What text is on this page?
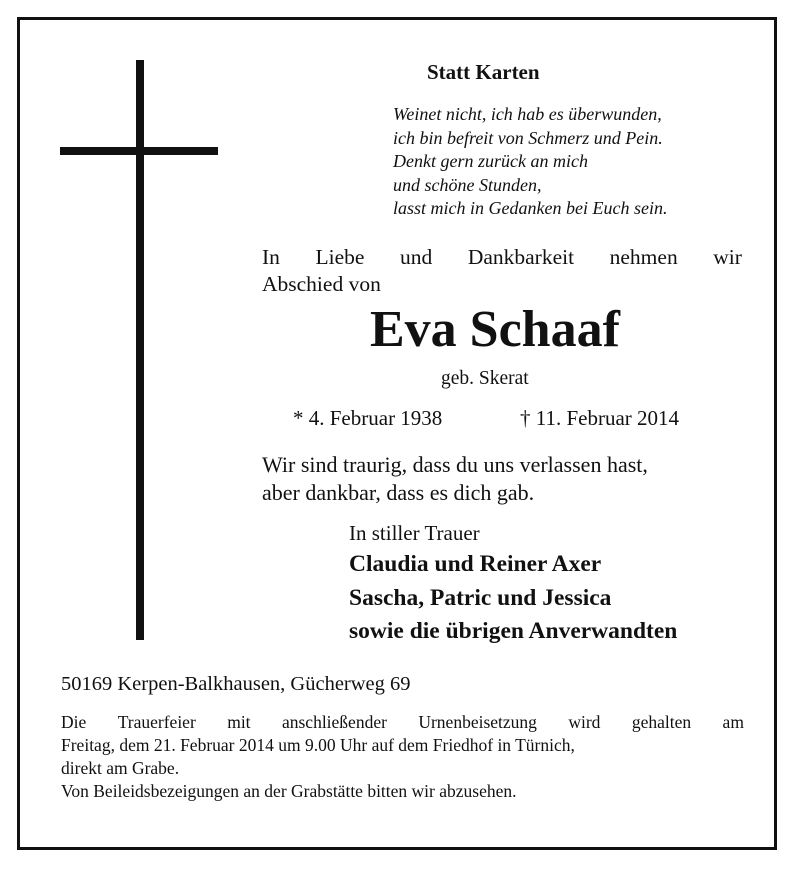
Statt Karten
Weinet nicht, ich hab es überwunden,
ich bin befreit von Schmerz und Pein.
Denkt gern zurück an mich
und schöne Stunden,
lasst mich in Gedanken bei Euch sein.
In Liebe und Dankbarkeit nehmen wir
Abschied von
Eva Schaaf
geb. Skerat
* 4. Februar 1938	† 11. Februar 2014
Wir sind traurig, dass du uns verlassen hast,
aber dankbar, dass es dich gab.
In stiller Trauer
Claudia und Reiner Axer
Sascha, Patric und Jessica
sowie die übrigen Anverwandten
50169 Kerpen-Balkhausen, Gücherweg 69
Die Trauerfeier mit anschließender Urnenbeisetzung wird gehalten am
Freitag, dem 21. Februar 2014 um 9.00 Uhr auf dem Friedhof in Türnich,
direkt am Grabe.
Von Beileidsbezeigungen an der Grabstätte bitten wir abzusehen.
